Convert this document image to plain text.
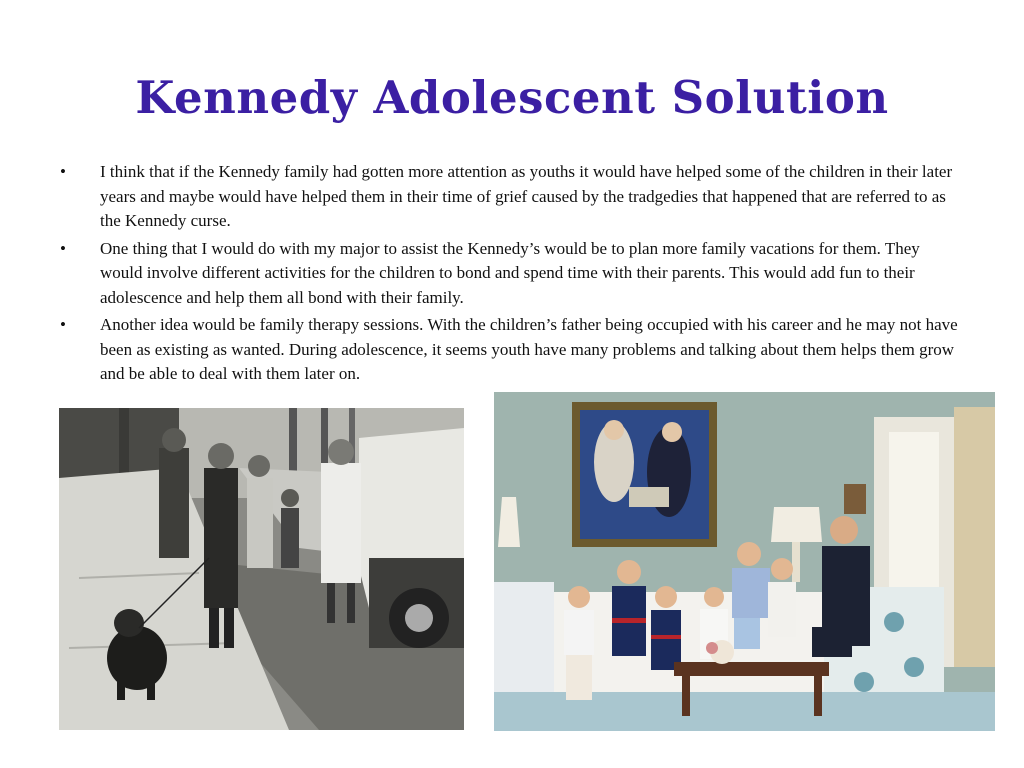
Kennedy Adolescent Solution
•	I think that if the Kennedy family had gotten more attention as youths it would have helped some of the children in their later years and maybe would have helped them in their time of grief caused by the tradgedies that happened that are referred to as the Kennedy curse.
•	One thing that I would do with my major to assist the Kennedy’s would be to plan more family vacations for them. They would involve different activities for the children to bond and spend time with their parents. This would add fun to their adolescence and help them all bond with their family.
•	Another idea would be family therapy sessions. With the children’s father being occupied with his career and he may not have been as existing as wanted. During adolescence, it seems youth have many problems and talking about them helps them grow and be able to deal with them later on.
